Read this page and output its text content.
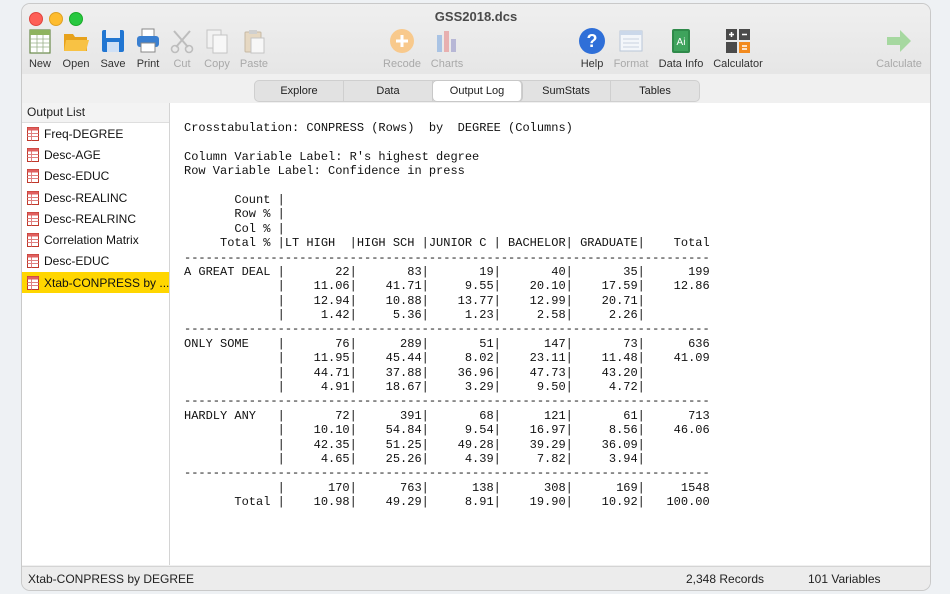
GSS2018.dcs
New	Open	Save	Print	Cut	Copy Paste	Recode Charts
?
Help Format
Ai
Data Info Calculator	Calculate
Explore	Data	Output Log	SumStats	Tables
Output List
Freq-DEGREE
Desc-AGE
Desc-EDUC
Desc-REALINC
Desc-REALRINC
Correlation Matrix
Desc-EDUC
Xtab-CONPRESS by ...
Crosstabulation: CONPRESS (Rows)  by  DEGREE (Columns)
Column Variable Label: R's highest degree
Row Variable Label: Confidence in press
Count |
Row % |
Col % |
Total % |LT HIGH  |HIGH SCH |JUNIOR C | BACHELOR| GRADUATE|    Total
-------------------------------------------------------------------------
A GREAT DEAL |       22|       83|       19|       40|       35|      199
|    11.06|    41.71|     9.55|    20.10|    17.59|    12.86
|    12.94|    10.88|    13.77|    12.99|    20.71|
|     1.42|     5.36|     1.23|     2.58|     2.26|
-------------------------------------------------------------------------
ONLY SOME    |       76|      289|       51|      147|       73|      636
|    11.95|    45.44|     8.02|    23.11|    11.48|    41.09
|    44.71|    37.88|    36.96|    47.73|    43.20|
|     4.91|    18.67|     3.29|     9.50|     4.72|
-------------------------------------------------------------------------
HARDLY ANY   |       72|      391|       68|      121|       61|      713
|    10.10|    54.84|     9.54|    16.97|     8.56|    46.06
|    42.35|    51.25|    49.28|    39.29|    36.09|
|     4.65|    25.26|     4.39|     7.82|     3.94|
-------------------------------------------------------------------------
|      170|      763|      138|      308|      169|     1548
Total |    10.98|    49.29|     8.91|    19.90|    10.92|   100.00
Xtab-CONPRESS by DEGREE	2,348 Records	101 Variables
